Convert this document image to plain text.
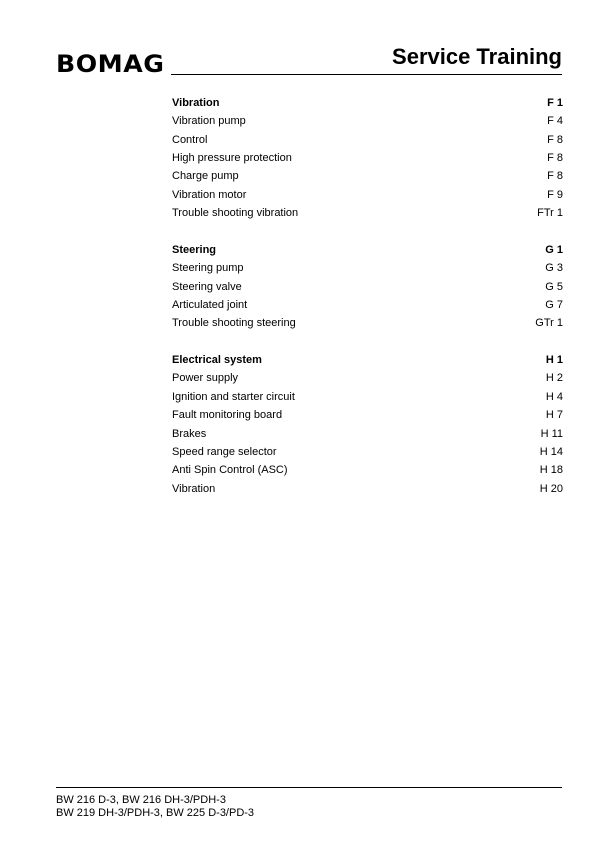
BOMAG	Service Training
Vibration	F 1
Vibration pump	F 4
Control	F 8
High pressure protection	F 8
Charge pump	F 8
Vibration motor	F 9
Trouble shooting vibration	FTr 1
Steering	G 1
Steering pump	G 3
Steering valve	G 5
Articulated joint	G 7
Trouble shooting steering	GTr 1
Electrical system	H 1
Power supply	H 2
Ignition and starter circuit	H 4
Fault monitoring board	H 7
Brakes	H 11
Speed range selector	H 14
Anti Spin Control (ASC)	H 18
Vibration	H 20
BW 216 D-3, BW 216 DH-3/PDH-3
BW 219 DH-3/PDH-3, BW 225 D-3/PD-3
